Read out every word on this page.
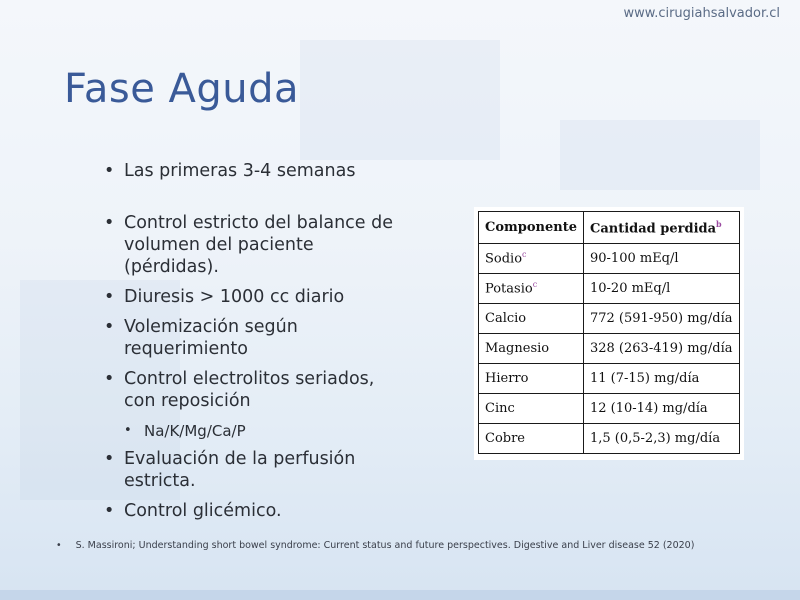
www.cirugiahsalvador.cl
Fase Aguda
• Las primeras 3-4 semanas
• Control estricto del balance de volumen del paciente (pérdidas).
• Diuresis > 1000 cc diario
• Volemización según requerimiento
• Control electrolitos seriados, con reposición
• Na/K/Mg/Ca/P
• Evaluación de la perfusión estricta.
• Control glicémico.
Componente	Cantidad perdida$^b$
Sodio$^c$	90-100 mEq/l
Potasio$^c$	10-20 mEq/l
Calcio	772 (591-950) mg/día
Magnesio	328 (263-419) mg/día
Hierro	11 (7-15) mg/día
Cinc	12 (10-14) mg/día
Cobre	1,5 (0,5-2,3) mg/día
• S. Massironi; Understanding short bowel syndrome: Current status and future perspectives. Digestive and Liver disease 52 (2020)
